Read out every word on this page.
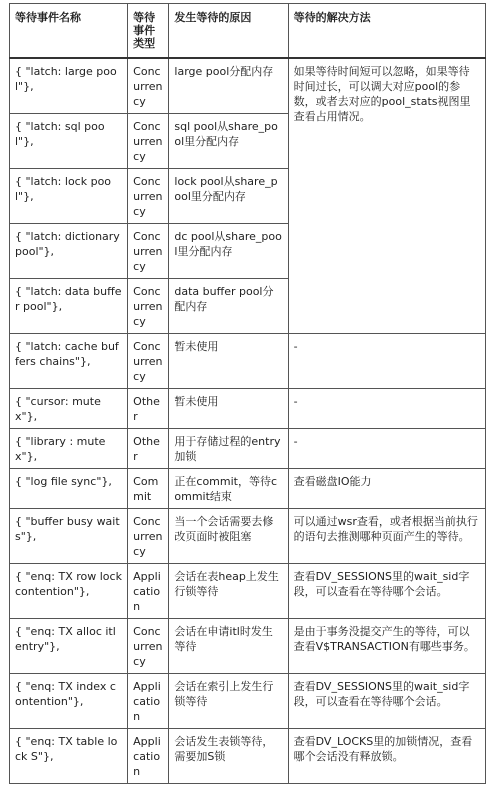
等待事件名称	等待事件类型	发生等待的原因	等待的解决方法
{ "latch: large pool"},	Concurrency	large pool分配内存	如果等待时间短可以忽略，如果等待时间过长，可以调大对应pool的参数，或者去对应的pool_stats视图里查看占用情况。
{ "latch: sql pool"},	Concurrency	sql pool从share_pool里分配内存	
{ "latch: lock pool"},	Concurrency	lock pool从share_pool里分配内存	
{ "latch: dictionary pool"},	Concurrency	dc pool从share_pool里分配内存	
{ "latch: data buffer pool"},	Concurrency	data buffer pool分配内存	
{ "latch: cache buffers chains"},	Concurrency	暂未使用	-
{ "cursor: mutex"},	Other	暂未使用	-
{ "library : mutex"},	Other	用于存储过程的entry加锁	-
{ "log file sync"},	Commit	正在commit，等待commit结束	查看磁盘IO能力
{ "buffer busy waits"},	Concurrency	当一个会话需要去修改页面时被阻塞	可以通过wsr查看，或者根据当前执行的语句去推测哪种页面产生的等待。
{ "enq: TX row lock contention"},	Application	会话在表heap上发生行锁等待	查看DV_SESSIONS里的wait_sid字段，可以查看在等待哪个会话。
{ "enq: TX alloc itl entry"},	Concurrency	会话在申请itl时发生等待	是由于事务没提交产生的等待，可以查看V$TRANSACTION有哪些事务。
{ "enq: TX index contention"},	Application	会话在索引上发生行锁等待	查看DV_SESSIONS里的wait_sid字段，可以查看在等待哪个会话。
{ "enq: TX table lock S"},	Application	会话发生表锁等待，需要加S锁	查看DV_LOCKS里的加锁情况，查看哪个会话没有释放锁。
